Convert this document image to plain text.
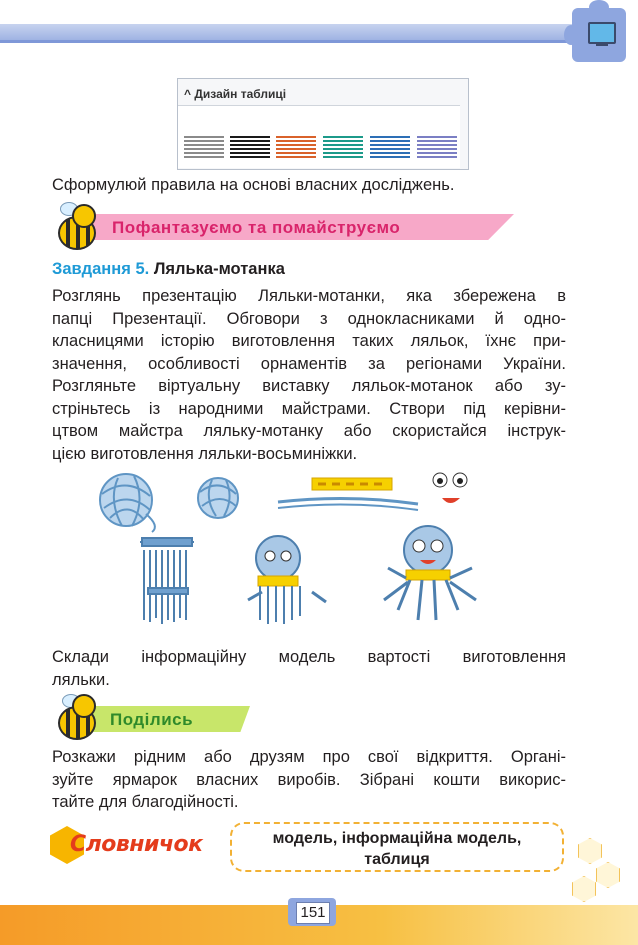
^ Дизайн таблиці
Сформулюй правила на основі власних досліджень.
Пофантазуємо та помайструємо
Завдання 5. Лялька-мотанка
Розглянь презентацію Ляльки-мотанки, яка збережена в
папці Презентації. Обговори з однокласниками й одно-
класницями історію виготовлення таких ляльок, їхнє при-
значення, особливості орнаментів за регіонами України.
Розгляньте віртуальну виставку ляльок-мотанок або зу-
стріньтесь із народними майстрами. Створи під керівни-
цтвом майстра ляльку-мотанку або скористайся інструк-
цією виготовлення ляльки-восьминіжки.
Склади інформаційну модель вартості виготовлення
ляльки.
Поділись
Розкажи рідним або друзям про свої відкриття. Органі-
зуйте ярмарок власних виробів. Зібрані кошти викорис-
тайте для благодійності.
Словничок	модель, інформаційна модель,
таблиця
151
